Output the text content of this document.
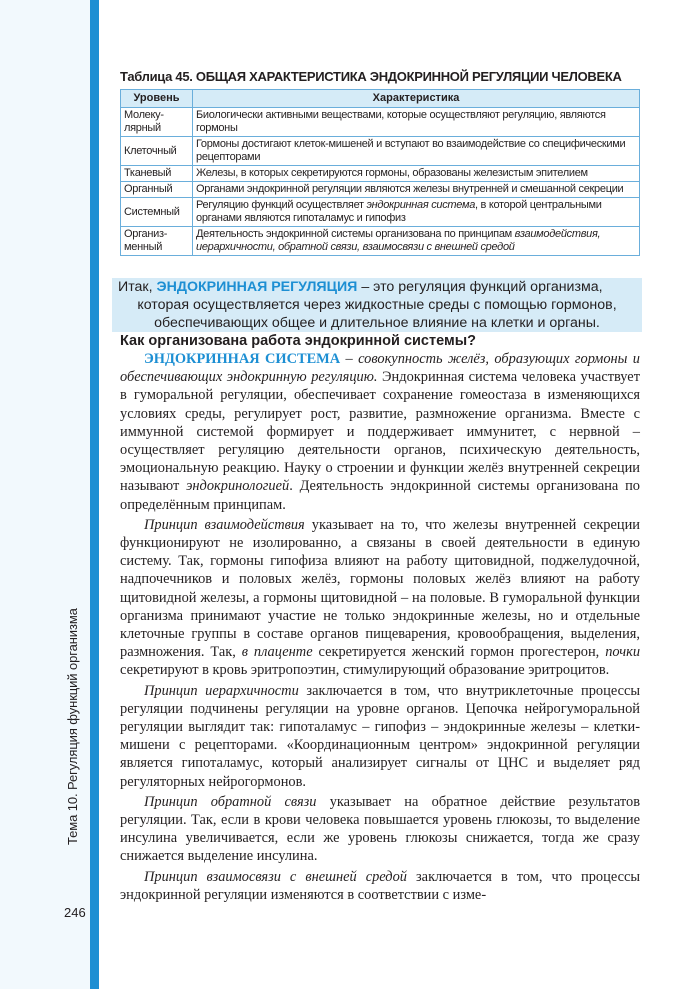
Тема 10. Регуляция функций организма
246
Таблица 45. ОБЩАЯ ХАРАКТЕРИСТИКА ЭНДОКРИННОЙ РЕГУЛЯЦИИ ЧЕЛОВЕКА
Уровень	Характеристика
Молеку-лярный	Биологически активными веществами, которые осуществляют регуляцию, являются гормоны
Клеточный	Гормоны достигают клеток-мишеней и вступают во взаимодействие со специфическими рецепторами
Тканевый	Железы, в которых секретируются гормоны, образованы железистым эпителием
Органный	Органами эндокринной регуляции являются железы внутренней и смешанной секреции
Системный	Регуляцию функций осуществляет эндокринная система, в которой центральными органами являются гипоталамус и гипофиз
Организ-менный	Деятельность эндокринной системы организована по принципам взаимодействия, иерархичности, обратной связи, взаимосвязи с внешней средой

Итак, ЭНДОКРИННАЯ РЕГУЛЯЦИЯ – это регуляция функций организма,

которая осуществляется через жидкостные среды с помощью гормонов,

обеспечивающих общее и длительное влияние на клетки и органы.

Как организована работа эндокринной системы?

ЭНДОКРИННАЯ СИСТЕМА – совокупность желёз, образующих гормоны и обеспечивающих эндокринную регуляцию. Эндокринная система человека участвует в гуморальной регуляции, обеспечивает сохранение гомеостаза в изменяющихся условиях среды, регулирует рост, развитие, размножение организма. Вместе с иммунной системой формирует и поддерживает иммунитет, с нервной – осуществляет регуляцию деятельности органов, психическую деятельность, эмоциональную реакцию. Науку о строении и функции желёз внутренней секреции называют эндокринологией. Деятельность эндокринной системы организована по определённым принципам.

Принцип взаимодействия указывает на то, что железы внутренней секреции функционируют не изолированно, а связаны в своей деятельности в единую систему. Так, гормоны гипофиза влияют на работу щитовидной, поджелудочной, надпочечников и половых желёз, гормоны половых желёз влияют на работу щитовидной железы, а гормоны щитовидной – на половые. В гуморальной функции организма принимают участие не только эндокринные железы, но и отдельные клеточные группы в составе органов пищеварения, кровообращения, выделения, размножения. Так, в плаценте секретируется женский гормон прогестерон, почки секретируют в кровь эритропоэтин, стимулирующий образование эритроцитов.

Принцип иерархичности заключается в том, что внутриклеточные процессы регуляции подчинены регуляции на уровне органов. Цепочка нейрогуморальной регуляции выглядит так: гипоталамус – гипофиз – эндокринные железы – клетки-мишени с рецепторами. «Координационным центром» эндокринной регуляции является гипоталамус, который анализирует сигналы от ЦНС и выделяет ряд регуляторных нейрогормонов.

Принцип обратной связи указывает на обратное действие результатов регуляции. Так, если в крови человека повышается уровень глюкозы, то выделение инсулина увеличивается, если же уровень глюкозы снижается, тогда же сразу снижается выделение инсулина.

Принцип взаимосвязи с внешней средой заключается в том, что процессы эндокринной регуляции изменяются в соответствии с изме-
